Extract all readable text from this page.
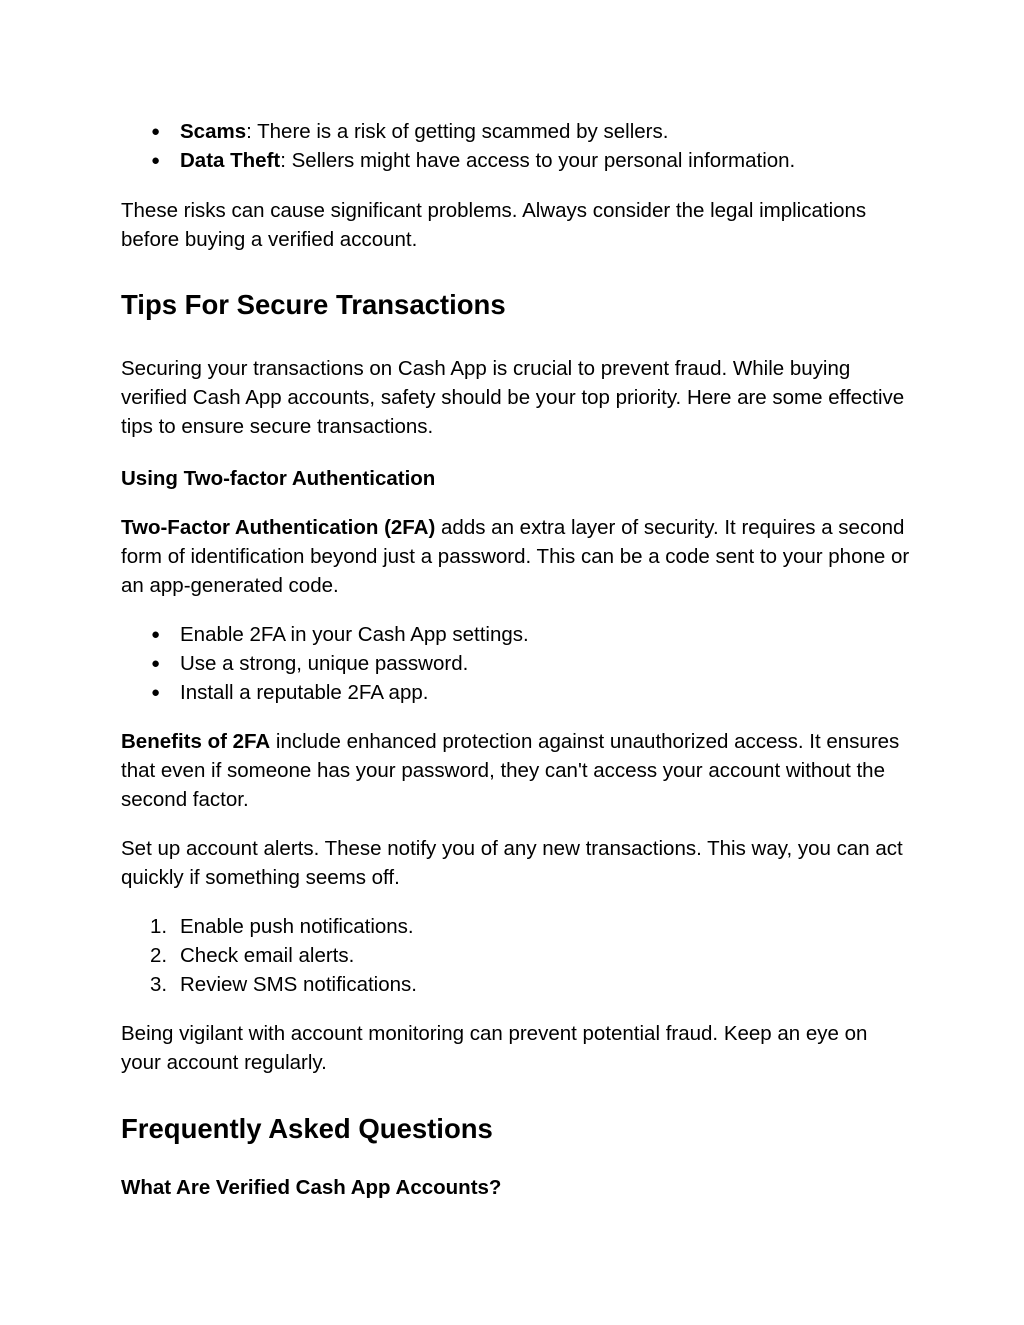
● Scams: There is a risk of getting scammed by sellers.
● Data Theft: Sellers might have access to your personal information.

These risks can cause significant problems. Always consider the legal implications before buying a verified account.

Tips For Secure Transactions

Securing your transactions on Cash App is crucial to prevent fraud. While buying verified Cash App accounts, safety should be your top priority. Here are some effective tips to ensure secure transactions.

Using Two-factor Authentication

Two-Factor Authentication (2FA) adds an extra layer of security. It requires a second form of identification beyond just a password. This can be a code sent to your phone or an app-generated code.

● Enable 2FA in your Cash App settings.
● Use a strong, unique password.
● Install a reputable 2FA app.

Benefits of 2FA include enhanced protection against unauthorized access. It ensures that even if someone has your password, they can't access your account without the second factor.

Set up account alerts. These notify you of any new transactions. This way, you can act quickly if something seems off.

1. Enable push notifications.
2. Check email alerts.
3. Review SMS notifications.

Being vigilant with account monitoring can prevent potential fraud. Keep an eye on your account regularly.

Frequently Asked Questions
What Are Verified Cash App Accounts?
